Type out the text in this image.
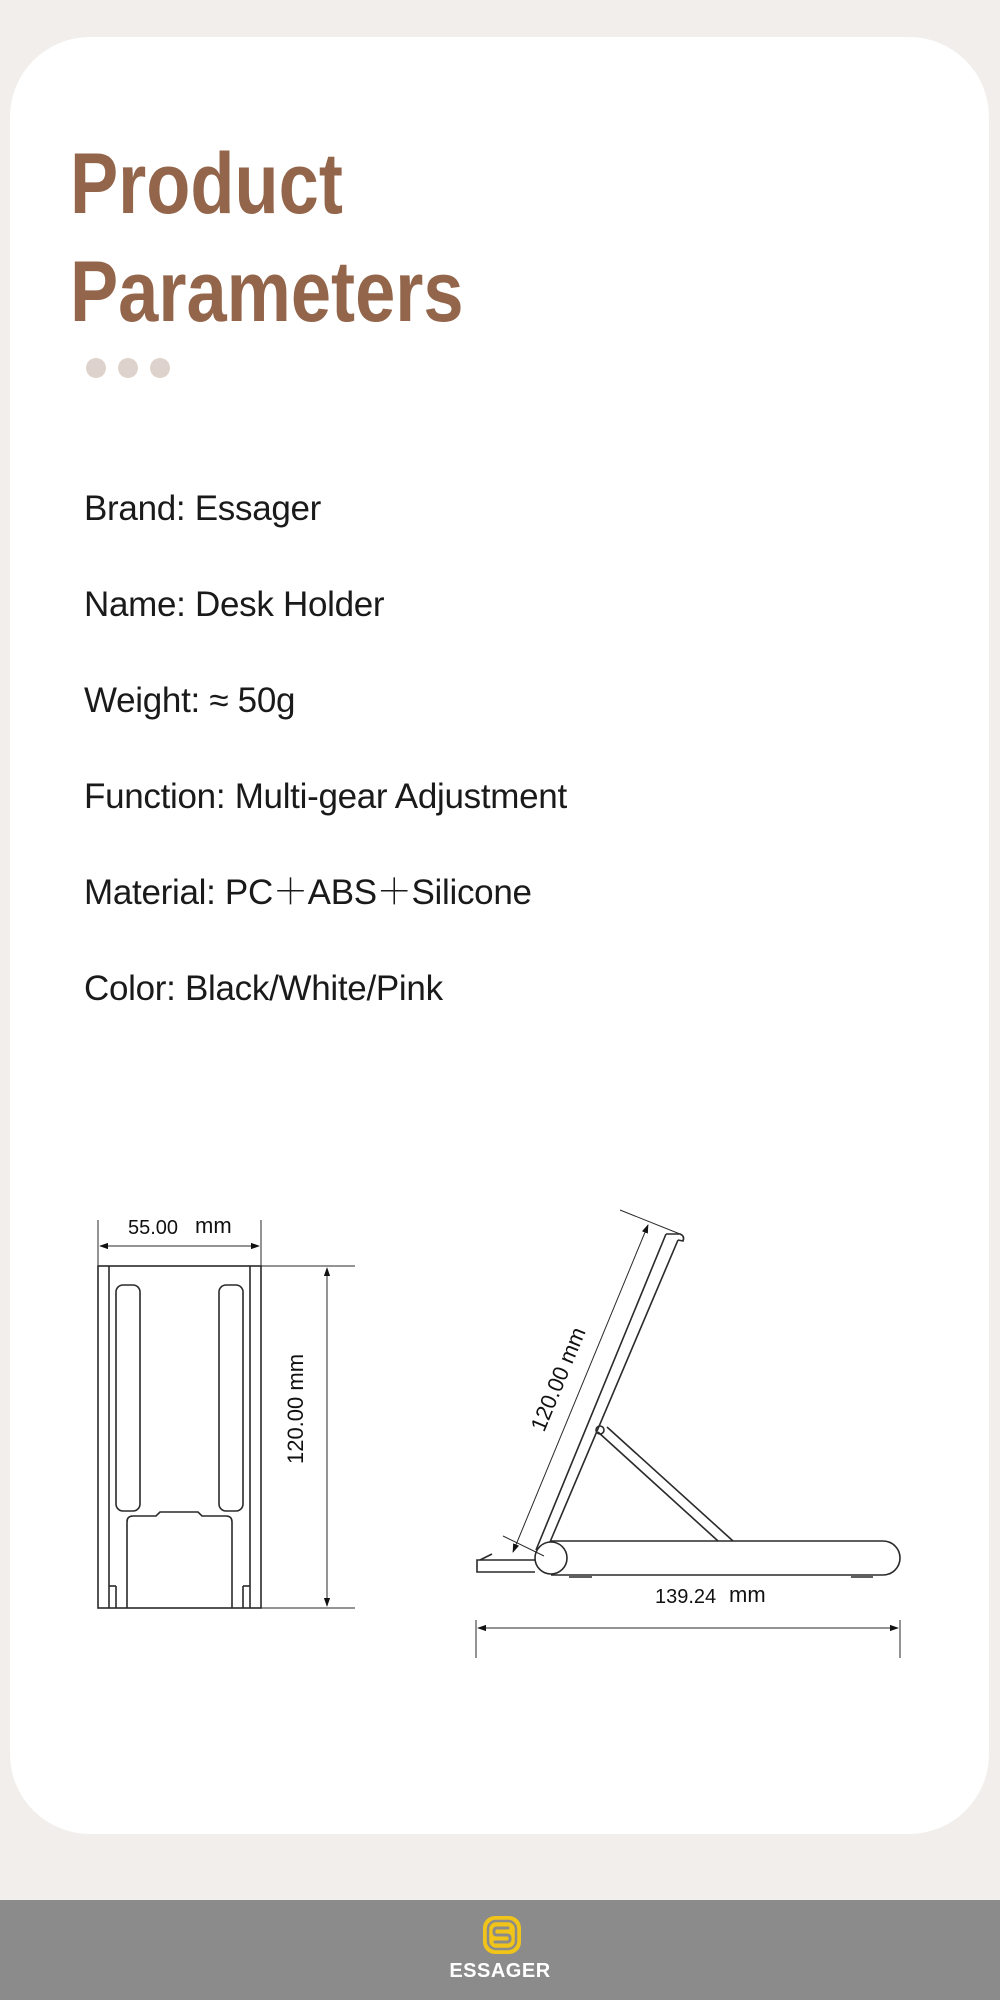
Product
Parameters
Brand: Essager
Name: Desk Holder
Weight: ≈ 50g
Function: Multi-gear Adjustment
Material: PC＋ABS＋Silicone
Color: Black/White/Pink
55.00 mm
120.00 mm	120.00 mm
139.24 mm
ESSAGER
